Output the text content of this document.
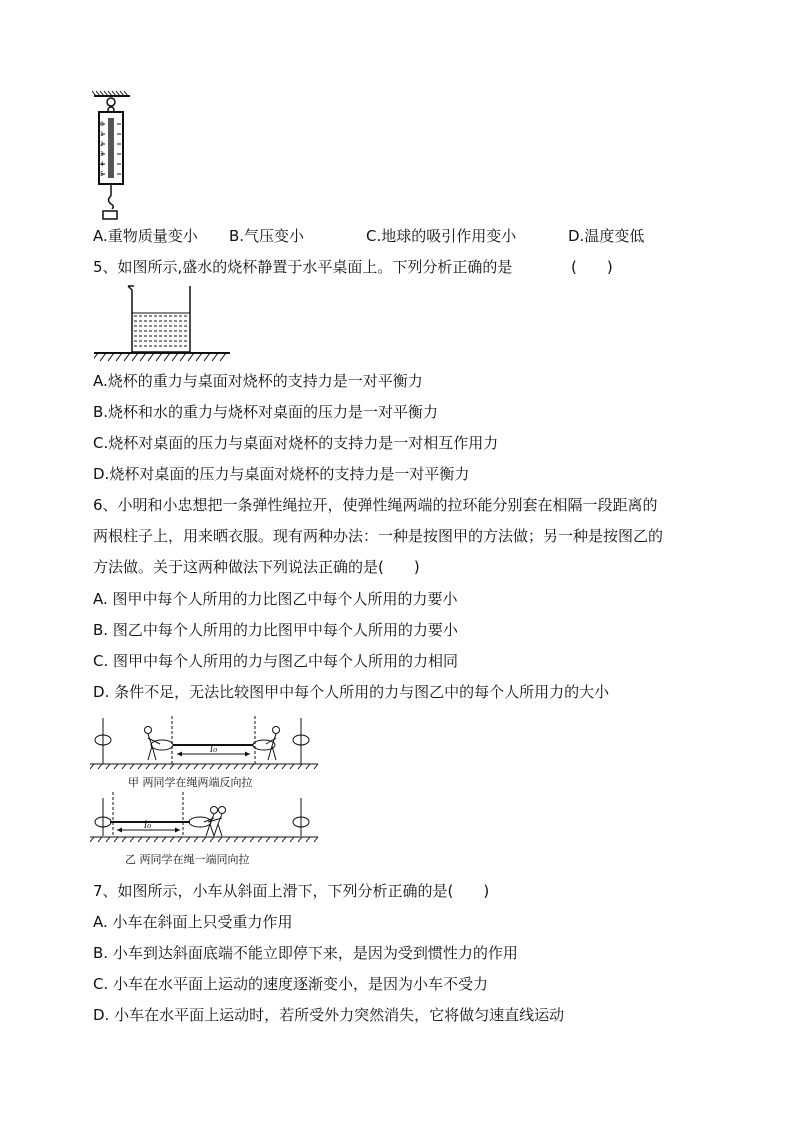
0
1
2
3
4
5
A.重物质量变小 B.气压变小	C.地球的吸引作用变小	D.温度变低
5、如图所示,盛水的烧杯静置于水平桌面上。下列分析正确的是	(　　)
A.烧杯的重力与桌面对烧杯的支持力是一对平衡力
B.烧杯和水的重力与烧杯对桌面的压力是一对平衡力
C.烧杯对桌面的压力与桌面对烧杯的支持力是一对相互作用力
D.烧杯对桌面的压力与桌面对烧杯的支持力是一对平衡力
6、小明和小忠想把一条弹性绳拉开，使弹性绳两端的拉环能分别套在相隔一段距离的
两根柱子上，用来晒衣服。现有两种办法：一种是按图甲的方法做；另一种是按图乙的
方法做。关于这两种做法下列说法正确的是(　　)
A. 图甲中每个人所用的力比图乙中每个人所用的力要小
B. 图乙中每个人所用的力比图甲中每个人所用的力要小
C. 图甲中每个人所用的力与图乙中每个人所用的力相同
D. 条件不足，无法比较图甲中每个人所用的力与图乙中的每个人所用力的大小
l₀
甲 两同学在绳两端反向拉
l₀
乙 两同学在绳一端同向拉
7、如图所示，小车从斜面上滑下，下列分析正确的是(　　)
A. 小车在斜面上只受重力作用
B. 小车到达斜面底端不能立即停下来，是因为受到惯性力的作用
C. 小车在水平面上运动的速度逐渐变小，是因为小车不受力
D. 小车在水平面上运动时，若所受外力突然消失，它将做匀速直线运动
